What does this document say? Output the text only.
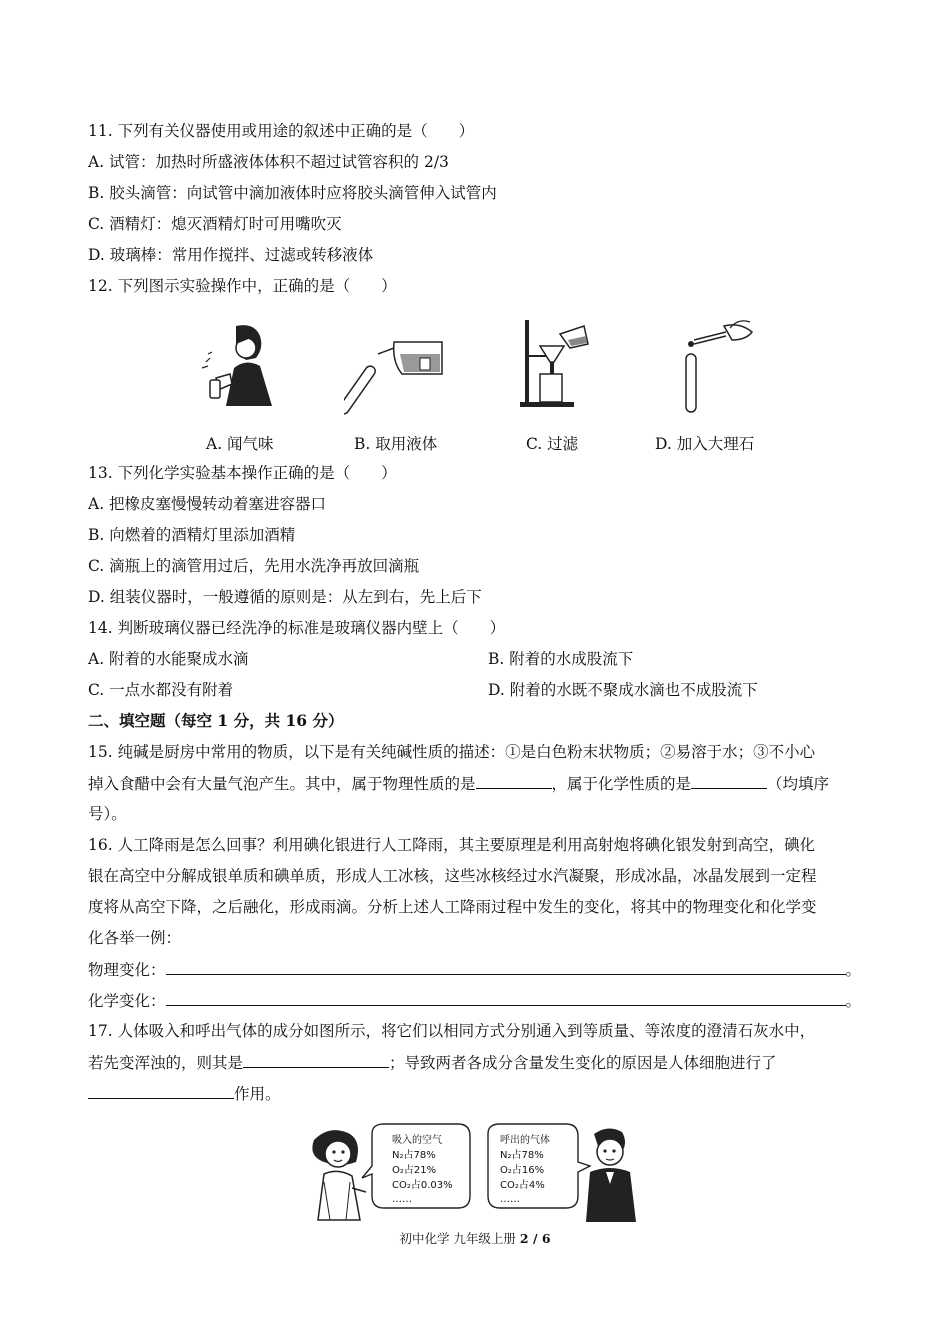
11. 下列有关仪器使用或用途的叙述中正确的是（　　）
A. 试管：加热时所盛液体体积不超过试管容积的 2/3
B. 胶头滴管：向试管中滴加液体时应将胶头滴管伸入试管内
C. 酒精灯：熄灭酒精灯时可用嘴吹灭
D. 玻璃棒：常用作搅拌、过滤或转移液体
12. 下列图示实验操作中，正确的是（　　）
A. 闻气味	B. 取用液体	C. 过滤	D. 加入大理石
13. 下列化学实验基本操作正确的是（　　）
A. 把橡皮塞慢慢转动着塞进容器口
B. 向燃着的酒精灯里添加酒精
C. 滴瓶上的滴管用过后，先用水洗净再放回滴瓶
D. 组装仪器时，一般遵循的原则是：从左到右，先上后下
14. 判断玻璃仪器已经洗净的标准是玻璃仪器内壁上（　　）
A. 附着的水能聚成水滴	B. 附着的水成股流下
C. 一点水都没有附着	D. 附着的水既不聚成水滴也不成股流下
二、填空题（每空 1 分，共 16 分）
15. 纯碱是厨房中常用的物质，以下是有关纯碱性质的描述：①是白色粉末状物质；②易溶于水；③不小心
掉入食醋中会有大量气泡产生。其中，属于物理性质的是	，属于化学性质的是	（均填序
号）。
16. 人工降雨是怎么回事？利用碘化银进行人工降雨，其主要原理是利用高射炮将碘化银发射到高空，碘化
银在高空中分解成银单质和碘单质，形成人工冰核，这些冰核经过水汽凝聚，形成冰晶，冰晶发展到一定程
度将从高空下降，之后融化，形成雨滴。分析上述人工降雨过程中发生的变化，将其中的物理变化和化学变
化各举一例：
物理变化：	。
化学变化：	。
17. 人体吸入和呼出气体的成分如图所示，将它们以相同方式分别通入到等质量、等浓度的澄清石灰水中，
若先变浑浊的，则其是	；导致两者各成分含量发生变化的原因是人体细胞进行了
作用。
吸入的空气
N₂占78%
O₂占21%
CO₂占0.03%
……
呼出的气体
N₂占78%
O₂占16%
CO₂占4%
……
初中化学 九年级上册 2 / 6
